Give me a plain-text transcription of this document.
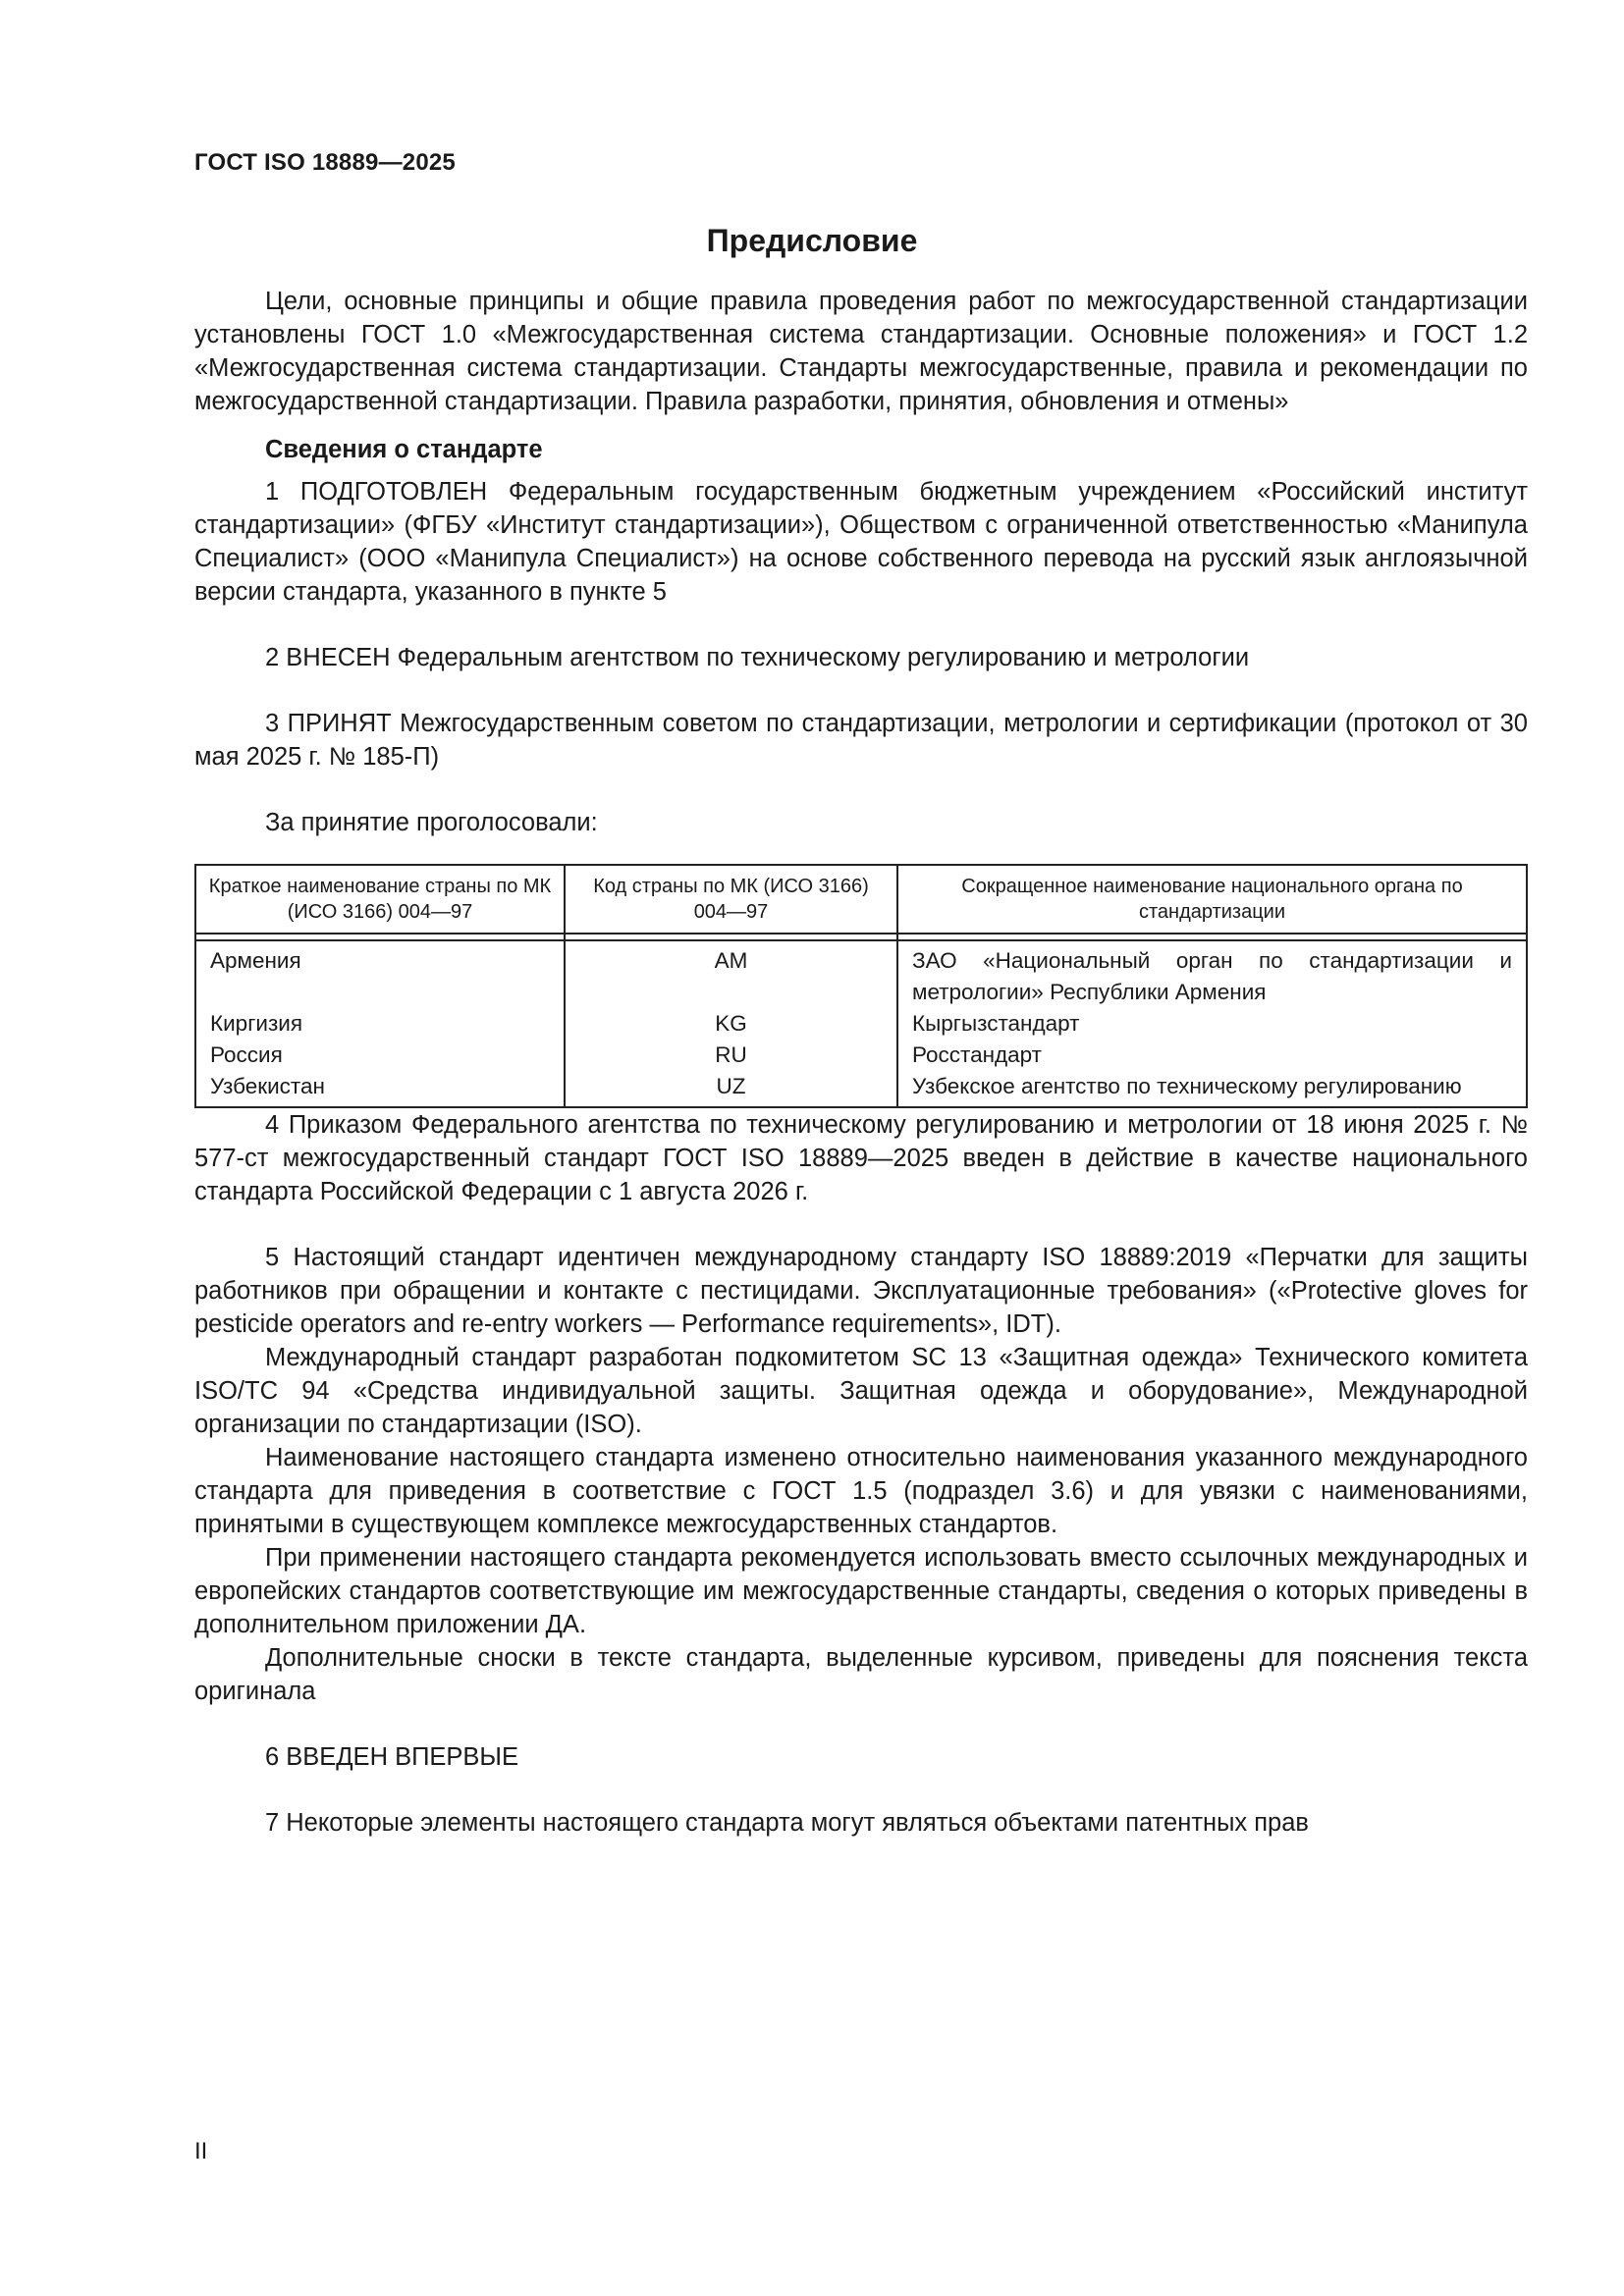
ГОСТ ISO 18889—2025
Предисловие

Цели, основные принципы и общие правила проведения работ по межгосударственной стандартизации установлены ГОСТ 1.0 «Межгосударственная система стандартизации. Основные положения» и ГОСТ 1.2 «Межгосударственная система стандартизации. Стандарты межгосударственные, правила и рекомендации по межгосударственной стандартизации. Правила разработки, принятия, обновления и отмены»

Сведения о стандарте

1 ПОДГОТОВЛЕН Федеральным государственным бюджетным учреждением «Российский институт стандартизации» (ФГБУ «Институт стандартизации»), Обществом с ограниченной ответственностью «Манипула Специалист» (ООО «Манипула Специалист») на основе собственного перевода на русский язык англоязычной версии стандарта, указанного в пункте 5

2 ВНЕСЕН Федеральным агентством по техническому регулированию и метрологии

3 ПРИНЯТ Межгосударственным советом по стандартизации, метрологии и сертификации (протокол от 30 мая 2025 г. № 185-П)

За принятие проголосовали:

Краткое наименование страны по МК (ИСО 3166) 004—97	Код страны по МК (ИСО 3166) 004—97	Сокращенное наименование национального органа по стандартизации

Армения	AM	ЗАО «Национальный орган по стандартизации и метрологии» Республики Армения
Киргизия	KG	Кыргызстандарт
Россия	RU	Росстандарт
Узбекистан	UZ	Узбекское агентство по техническому регулированию

4 Приказом Федерального агентства по техническому регулированию и метрологии от 18 июня 2025 г. № 577-ст межгосударственный стандарт ГОСТ ISO 18889—2025 введен в действие в качестве национального стандарта Российской Федерации с 1 августа 2026 г.

5 Настоящий стандарт идентичен международному стандарту ISO 18889:2019 «Перчатки для защиты работников при обращении и контакте с пестицидами. Эксплуатационные требования» («Protective gloves for pesticide operators and re-entry workers — Performance requirements», IDT).

Международный стандарт разработан подкомитетом SC 13 «Защитная одежда» Технического комитета ISO/TC 94 «Средства индивидуальной защиты. Защитная одежда и оборудование», Международной организации по стандартизации (ISO).

Наименование настоящего стандарта изменено относительно наименования указанного международного стандарта для приведения в соответствие с ГОСТ 1.5 (подраздел 3.6) и для увязки с наименованиями, принятыми в существующем комплексе межгосударственных стандартов.

При применении настоящего стандарта рекомендуется использовать вместо ссылочных международных и европейских стандартов соответствующие им межгосударственные стандарты, сведения о которых приведены в дополнительном приложении ДА.

Дополнительные сноски в тексте стандарта, выделенные курсивом, приведены для пояснения текста оригинала

6 ВВЕДЕН ВПЕРВЫЕ

7 Некоторые элементы настоящего стандарта могут являться объектами патентных прав

II
